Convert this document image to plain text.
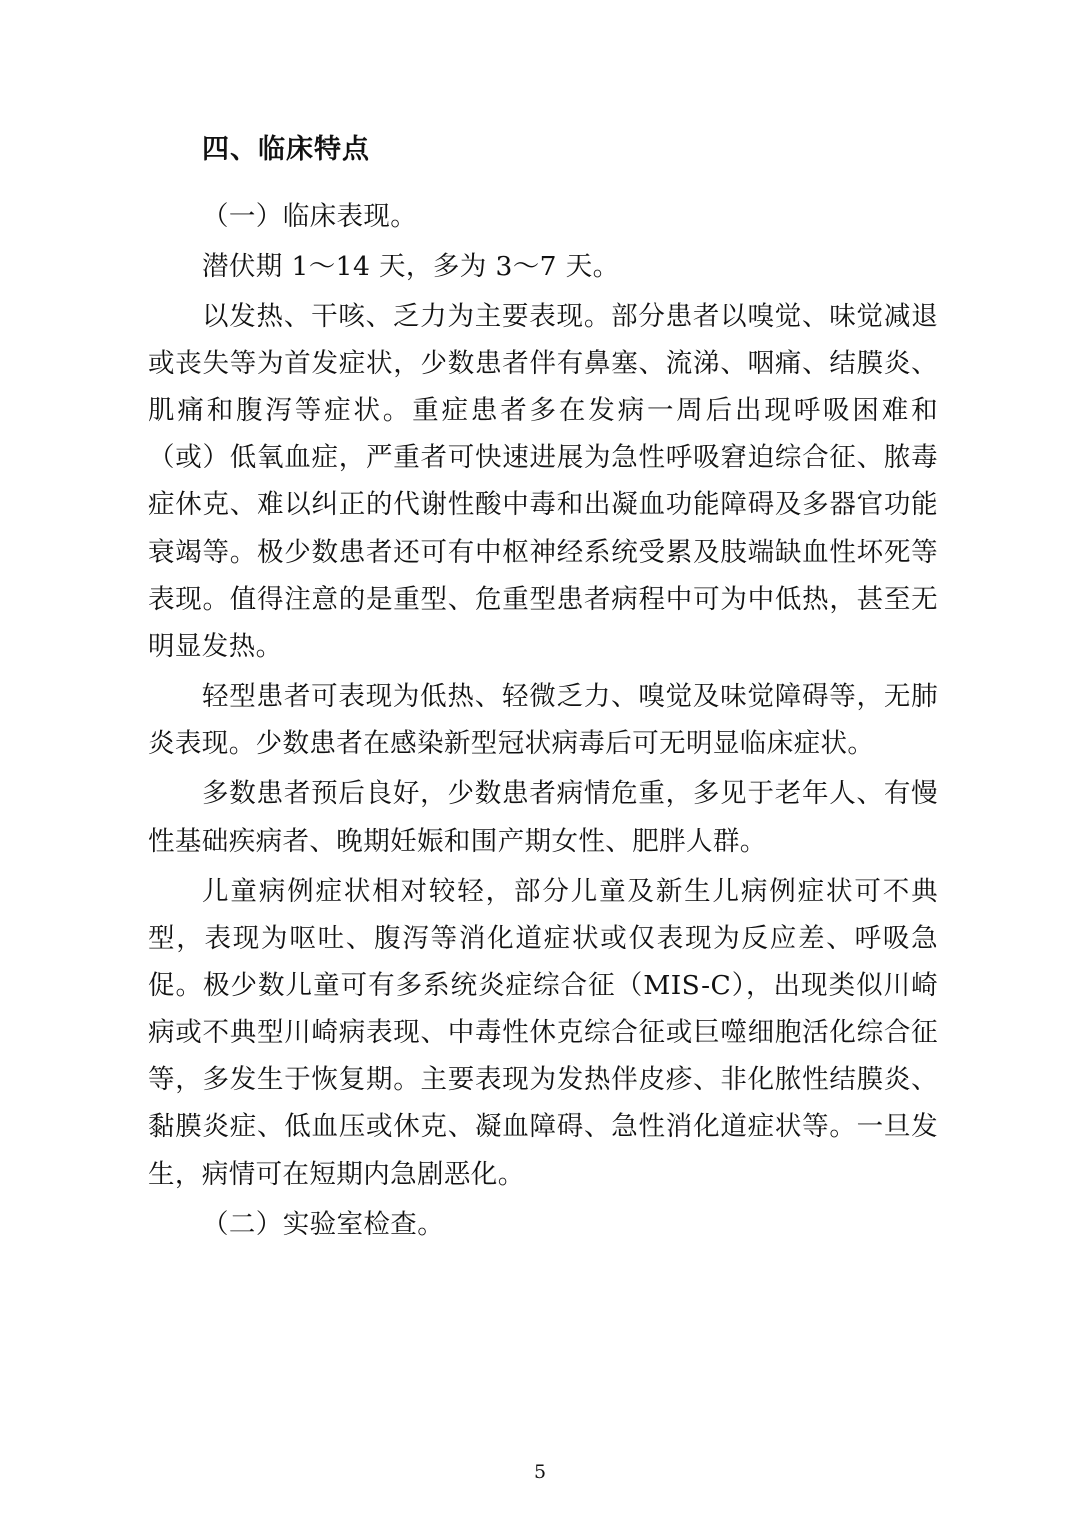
四、临床特点

（一）临床表现。

潜伏期 1～14 天，多为 3～7 天。

以发热、干咳、乏力为主要表现。部分患者以嗅觉、味觉减退或丧失等为首发症状，少数患者伴有鼻塞、流涕、咽痛、结膜炎、肌痛和腹泻等症状。重症患者多在发病一周后出现呼吸困难和（或）低氧血症，严重者可快速进展为急性呼吸窘迫综合征、脓毒症休克、难以纠正的代谢性酸中毒和出凝血功能障碍及多器官功能衰竭等。极少数患者还可有中枢神经系统受累及肢端缺血性坏死等表现。值得注意的是重型、危重型患者病程中可为中低热，甚至无明显发热。

轻型患者可表现为低热、轻微乏力、嗅觉及味觉障碍等，无肺炎表现。少数患者在感染新型冠状病毒后可无明显临床症状。

多数患者预后良好，少数患者病情危重，多见于老年人、有慢性基础疾病者、晚期妊娠和围产期女性、肥胖人群。

儿童病例症状相对较轻，部分儿童及新生儿病例症状可不典型，表现为呕吐、腹泻等消化道症状或仅表现为反应差、呼吸急促。极少数儿童可有多系统炎症综合征（MIS-C），出现类似川崎病或不典型川崎病表现、中毒性休克综合征或巨噬细胞活化综合征等，多发生于恢复期。主要表现为发热伴皮疹、非化脓性结膜炎、黏膜炎症、低血压或休克、凝血障碍、急性消化道症状等。一旦发生，病情可在短期内急剧恶化。

（二）实验室检查。

5
